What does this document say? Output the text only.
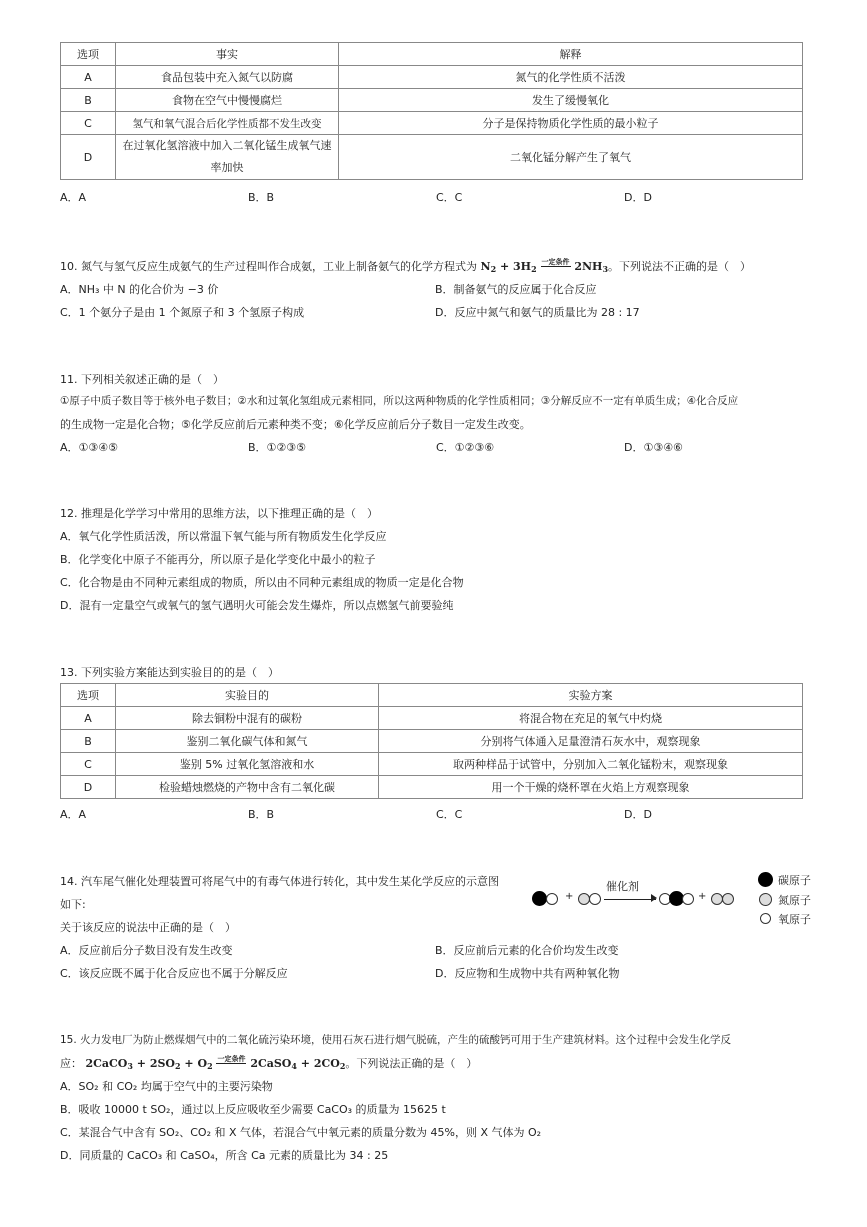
选项	事实	解释
A	食品包装中充入氮气以防腐	氮气的化学性质不活泼
B	食物在空气中慢慢腐烂	发生了缓慢氧化
C	氢气和氧气混合后化学性质都不发生改变	分子是保持物质化学性质的最小粒子
D	在过氧化氢溶液中加入二氧化锰生成氧气速率加快	二氧化锰分解产生了氧气
A．A	B．B	C．C	D．D
10. 氮气与氢气反应生成氨气的生产过程叫作合成氨，工业上制备氨气的化学方程式为 $N_2 + 3H_2$ 一定条件 $2NH_3$。下列说法不正确的是（　）
A．NH₃ 中 N 的化合价为 −3 价	B．制备氨气的反应属于化合反应
C．1 个氨分子是由 1 个氮原子和 3 个氢原子构成	D．反应中氮气和氨气的质量比为 28 : 17
11. 下列相关叙述正确的是（　）
①原子中质子数目等于核外电子数目；②水和过氧化氢组成元素相同，所以这两种物质的化学性质相同；③分解反应不一定有单质生成；④化合反应
的生成物一定是化合物；⑤化学反应前后元素种类不变；⑥化学反应前后分子数目一定发生改变。
A．①③④⑤	B．①②③⑤	C．①②③⑥	D．①③④⑥
12. 推理是化学学习中常用的思维方法，以下推理正确的是（　）
A．氧气化学性质活泼，所以常温下氧气能与所有物质发生化学反应
B．化学变化中原子不能再分，所以原子是化学变化中最小的粒子
C．化合物是由不同种元素组成的物质，所以由不同种元素组成的物质一定是化合物
D．混有一定量空气或氧气的氢气遇明火可能会发生爆炸，所以点燃氢气前要验纯
13. 下列实验方案能达到实验目的的是（　）
选项	实验目的	实验方案
A	除去铜粉中混有的碳粉	将混合物在充足的氧气中灼烧
B	鉴别二氧化碳气体和氮气	分别将气体通入足量澄清石灰水中，观察现象
C	鉴别 5% 过氧化氢溶液和水	取两种样品于试管中，分别加入二氧化锰粉末，观察现象
D	检验蜡烛燃烧的产物中含有二氧化碳	用一个干燥的烧杯罩在火焰上方观察现象
A．A	B．B	C．C	D．D
14. 汽车尾气催化处理装置可将尾气中的有毒气体进行转化，其中发生某化学反应的示意图
如下:
关于该反应的说法中正确的是（　）
+
催化剂
+
碳原子
氮原子
氧原子
A．反应前后分子数目没有发生改变	B．反应前后元素的化合价均发生改变
C．该反应既不属于化合反应也不属于分解反应	D．反应物和生成物中共有两种氧化物
15. 火力发电厂为防止燃煤烟气中的二氧化硫污染环境，使用石灰石进行烟气脱硫，产生的硫酸钙可用于生产建筑材料。这个过程中会发生化学反
应： 2CaCO$_3$ + $2SO_2 + O_2$ 一定条件 2CaSO$_4$ + $2CO_2$。下列说法正确的是（　）
A．SO₂ 和 CO₂ 均属于空气中的主要污染物
B．吸收 10000 t SO₂，通过以上反应吸收至少需要 CaCO₃ 的质量为 15625 t
C．某混合气中含有 SO₂、CO₂ 和 X 气体，若混合气中氧元素的质量分数为 45%，则 X 气体为 O₂
D．同质量的 CaCO₃ 和 CaSO₄，所含 Ca 元素的质量比为 34 : 25
